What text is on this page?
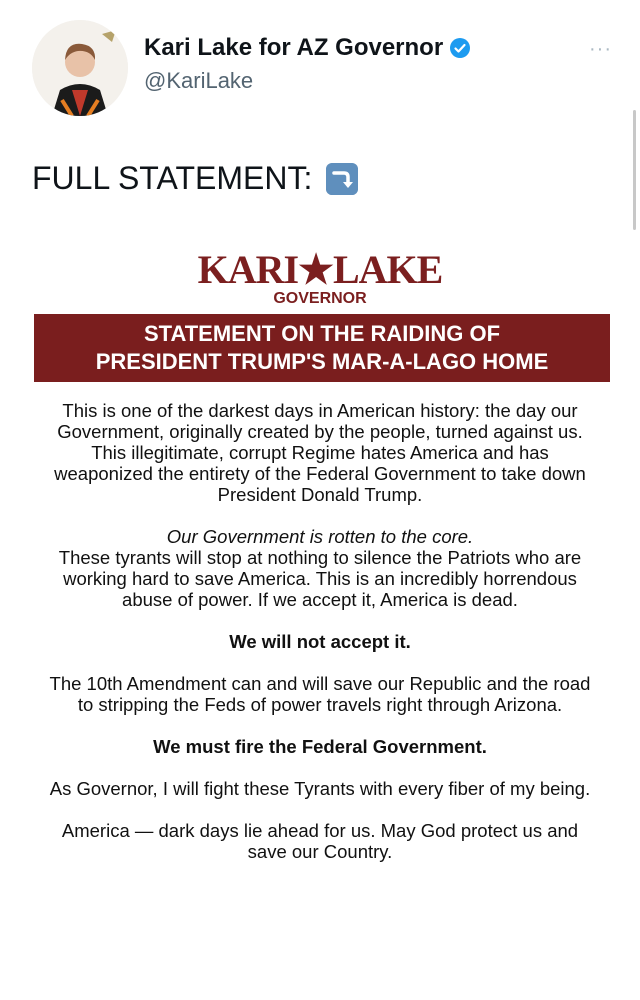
Kari Lake for AZ Governor
@KariLake
···
FULL STATEMENT:
KARI★LAKE
GOVERNOR
STATEMENT ON THE RAIDING OF
PRESIDENT TRUMP'S MAR-A-LAGO HOME

This is one of the darkest days in American history: the day our Government, originally created by the people, turned against us. This illegitimate, corrupt Regime hates America and has weaponized the entirety of the Federal Government to take down President Donald Trump.

Our Government is rotten to the core.
These tyrants will stop at nothing to silence the Patriots who are working hard to save America. This is an incredibly horrendous abuse of power. If we accept it, America is dead.

We will not accept it.

The 10th Amendment can and will save our Republic and the road to stripping the Feds of power travels right through Arizona.

We must fire the Federal Government.

As Governor, I will fight these Tyrants with every fiber of my being.

America — dark days lie ahead for us. May God protect us and save our Country.
